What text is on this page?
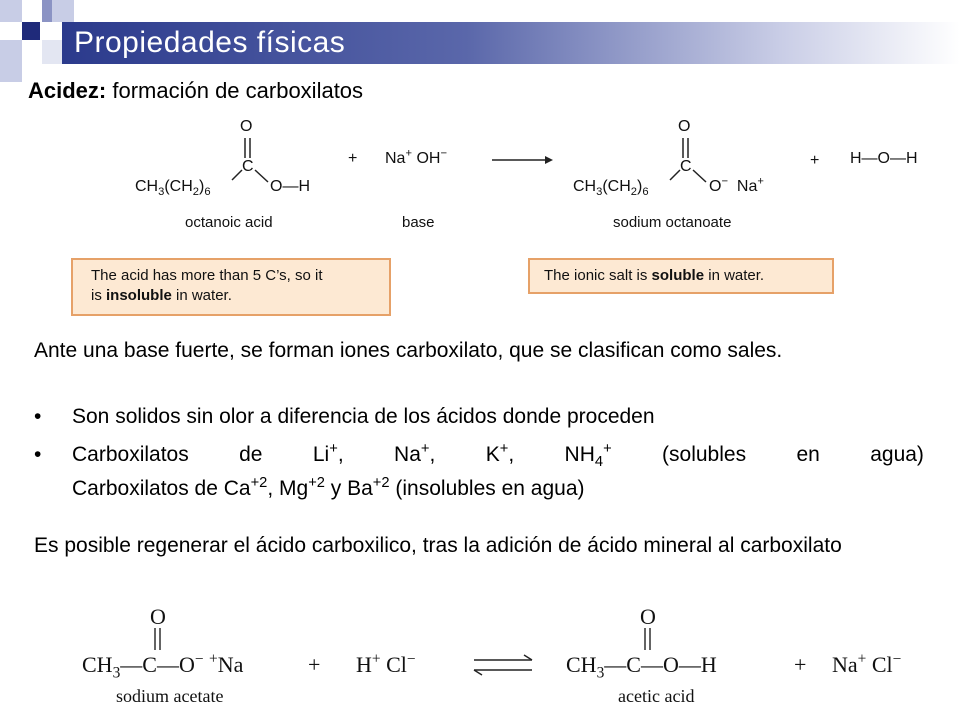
Propiedades físicas
Acidez: formación de carboxilatos
O
C
$CH_3(CH_2)_6$	O—H
+ Na+ OH−
O
C
$CH_3(CH_2)_6$	O−  Na+
+ H—O—H
octanoic acid	base	sodium octanoate
The acid has more than 5 C’s, so it
is insoluble in water.
The ionic salt is soluble in water.
Ante una base fuerte, se forman iones carboxilato, que se clasifican como sales.
• Son solidos sin olor a diferencia de los ácidos donde proceden
• Carboxilatos de Li+, Na+, K+, $NH_4^+$ (solubles en agua)
Carboxilatos de $Ca^{+2}$, $Mg^{+2}$ y $Ba^{+2}$ (insolubles en agua)
Es posible regenerar el ácido carboxilico, tras la adición de ácido mineral al carboxilato
O
$CH_3—C—O^-$ +Na	+ H+ Cl−
O
$CH_3—C—O—H$	+ Na+ Cl−
sodium acetate	acetic acid
